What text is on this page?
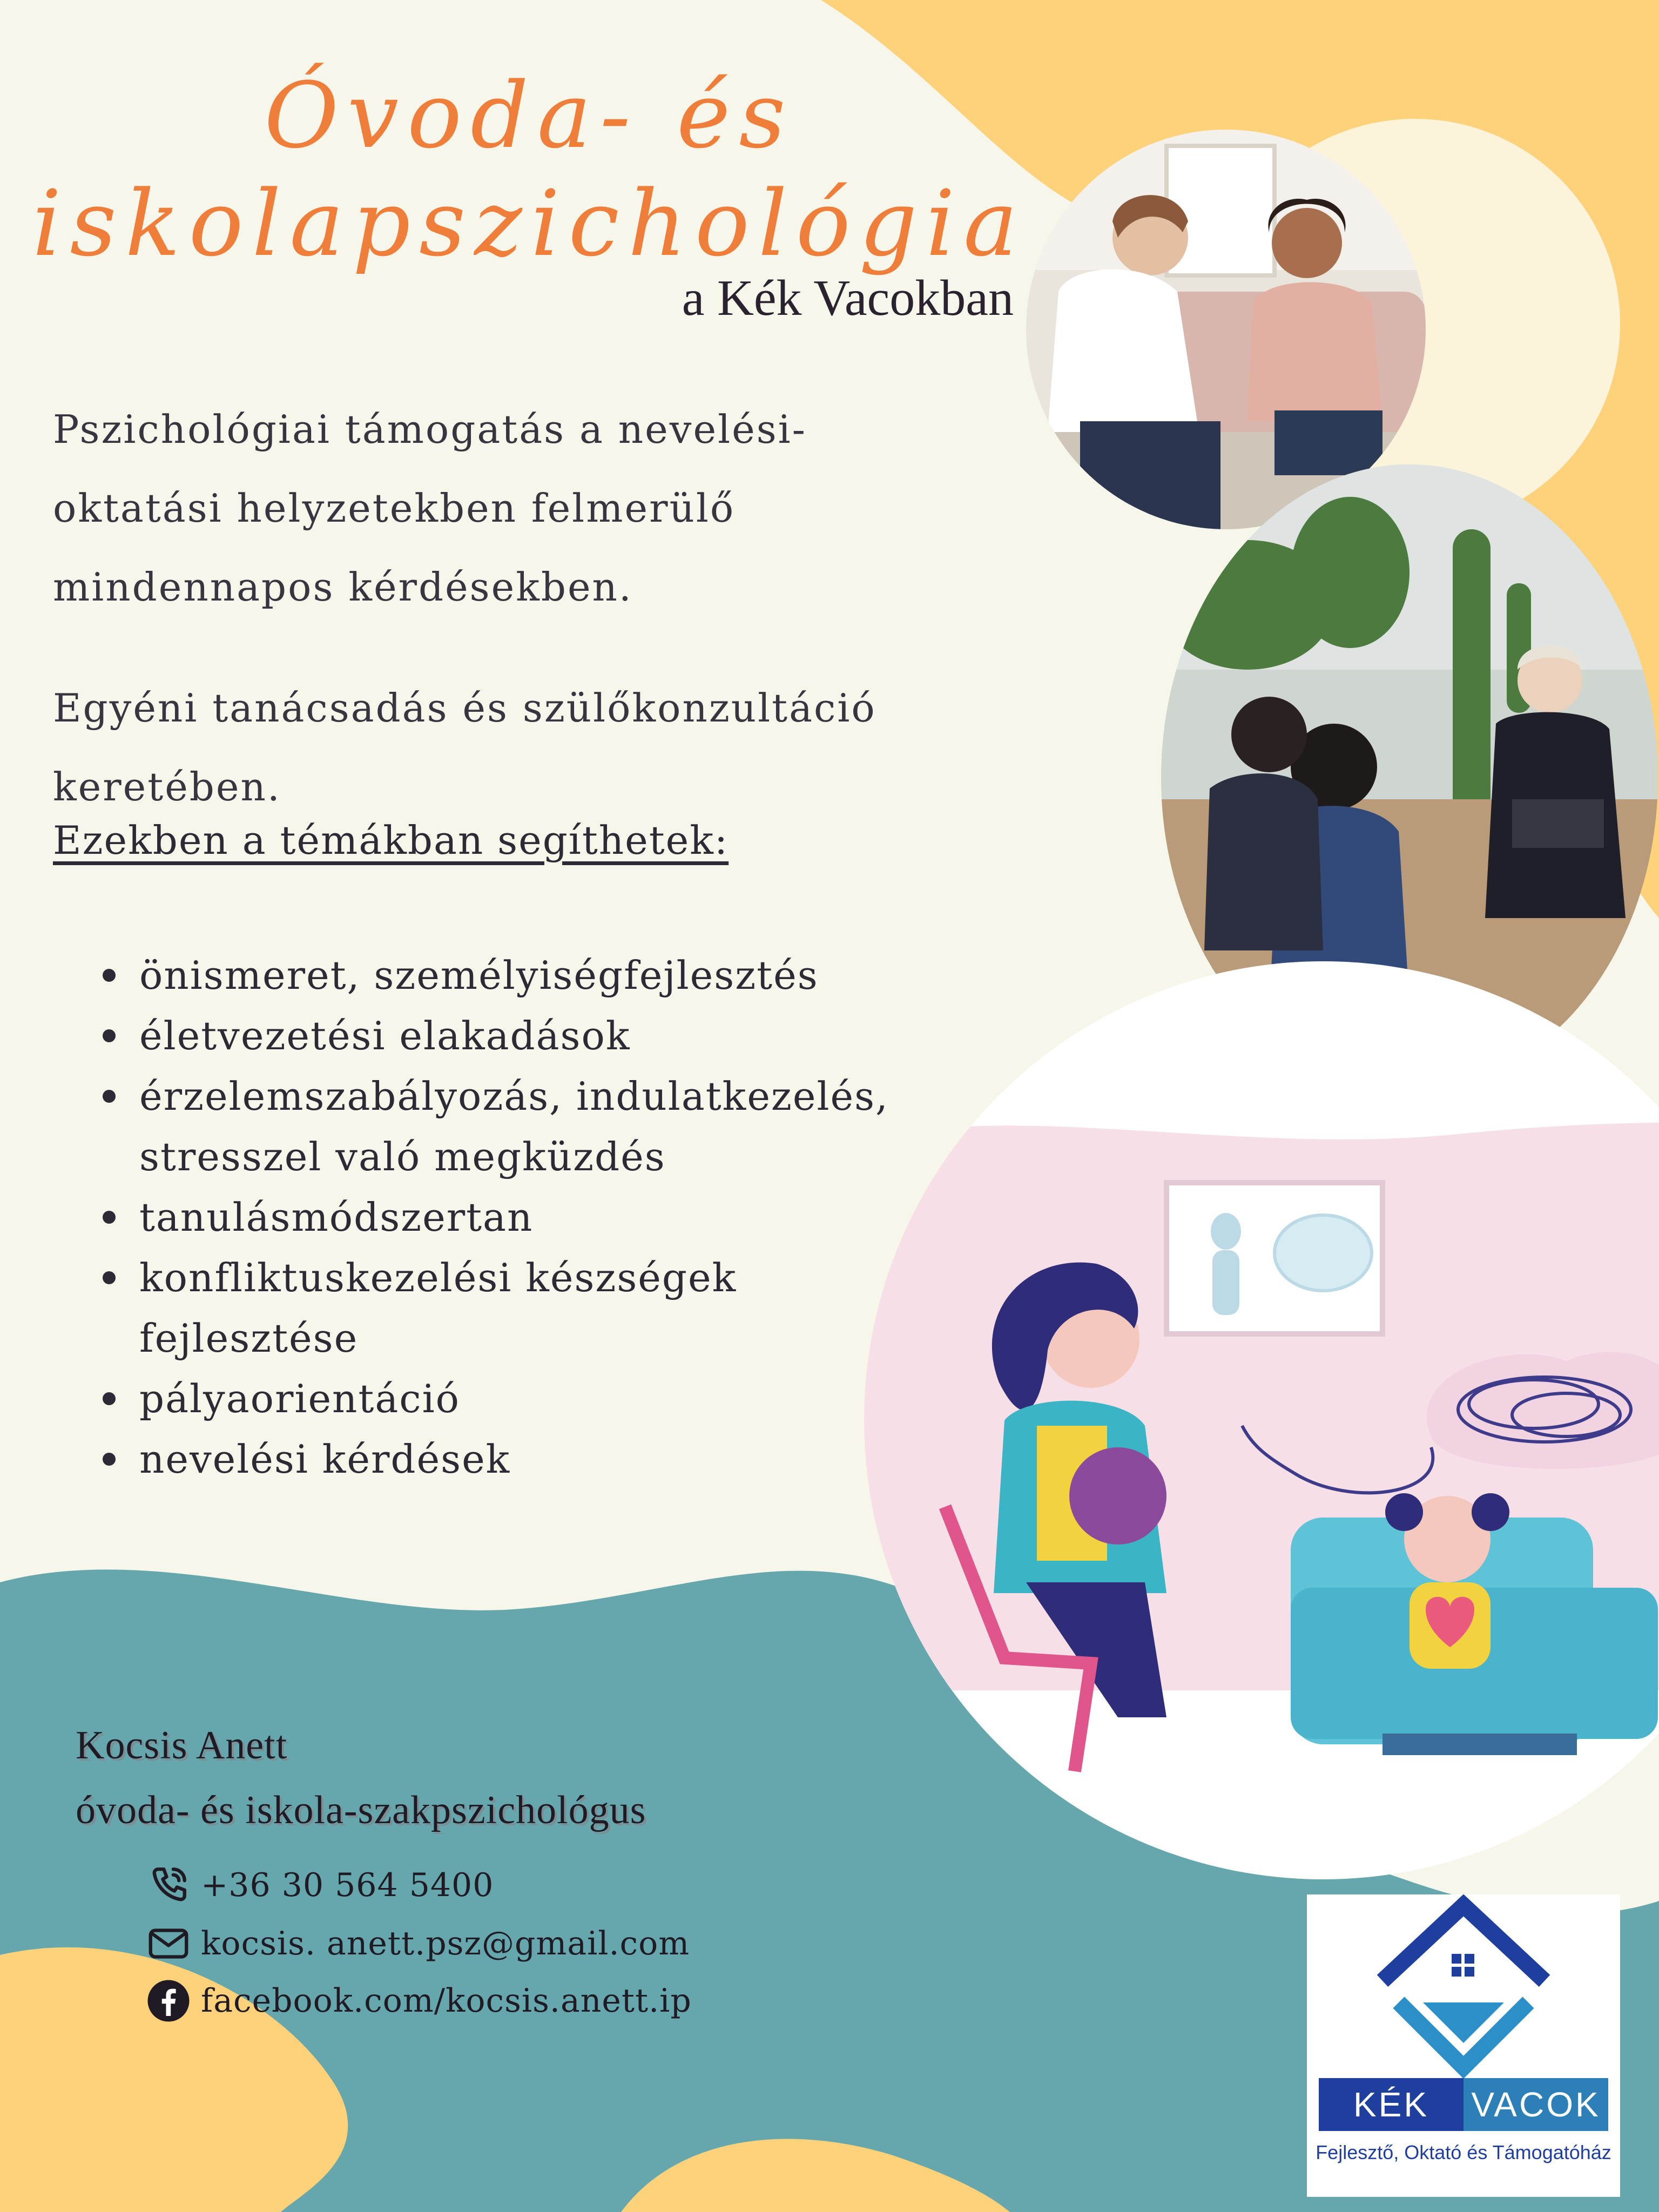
Óvoda- és
iskolapszichológia
a Kék Vacokban
Pszichológiai támogatás a nevelési-
oktatási helyzetekben felmerülő
mindennapos kérdésekben.
Egyéni tanácsadás és szülőkonzultáció
keretében.
Ezekben a témákban segíthetek:
önismeret, személyiségfejlesztés
életvezetési elakadások
érzelemszabályozás, indulatkezelés, stresszel való megküzdés
tanulásmódszertan
konfliktuskezelési készségek fejlesztése
pályaorientáció
nevelési kérdések
Kocsis Anett
óvoda- és iskola-szakpszichológus
+36 30 564 5400
kocsis. anett.psz@gmail.com
facebook.com/kocsis.anett.ip
KÉK	VACOK
Fejlesztő, Oktató és Támogatóház
